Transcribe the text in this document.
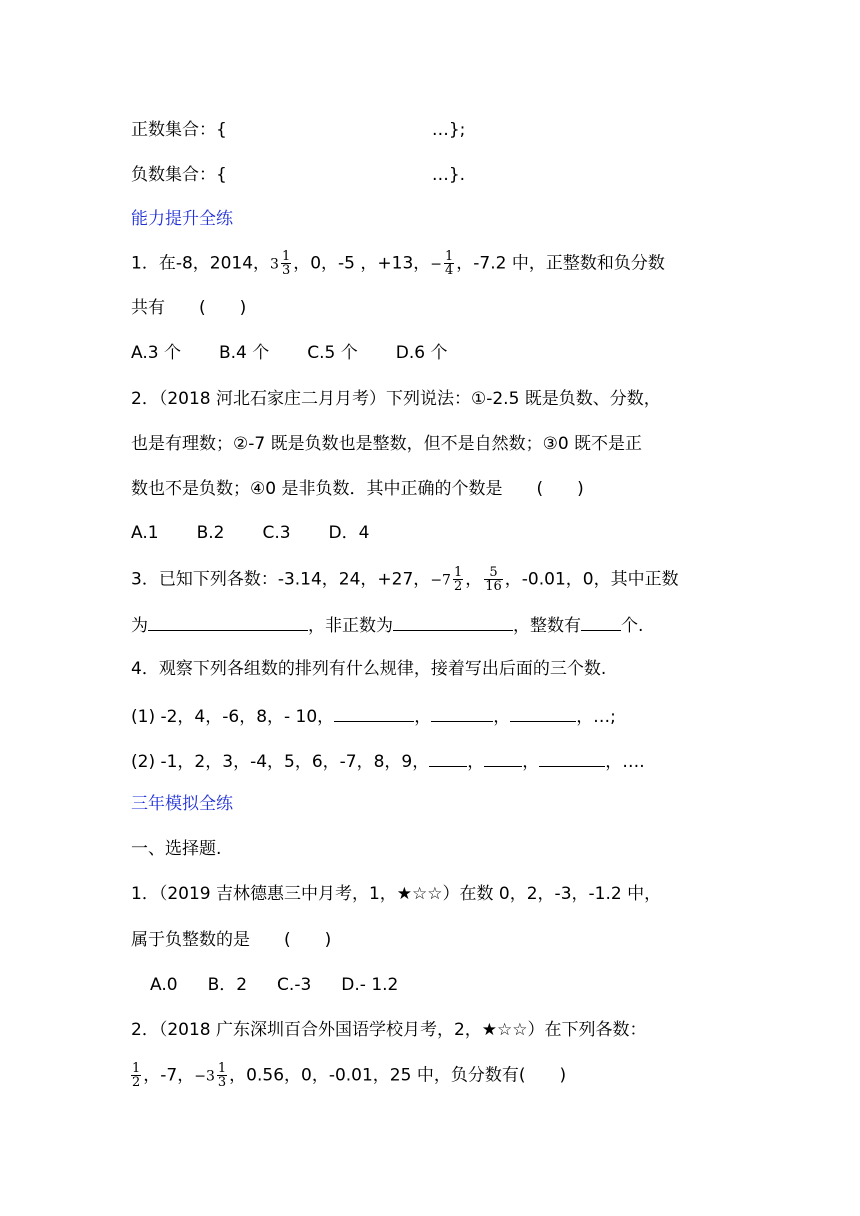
正数集合：{	…};
负数集合：{	…}.
能力提升全练
1．在-8，2014，$3 \frac{1}{3}$ ，0，-5 ，+13，− $\frac{1}{4}$ ，-7.2 中，正整数和负分数
共有　　(　　)
A.3 个 B.4 个 C.5 个 D.6 个
2．（2018 河北石家庄二月月考）下列说法：①-2.5 既是负数、分数，
也是有理数；②-7 既是负数也是整数，但不是自然数；③0 既不是正
数也不是负数；④0 是非负数．其中正确的个数是　　(　　)
A.1 B.2 C.3 D．4
3．已知下列各数：-3.14，24，+27，$-7 \frac{1}{2}$ ， $\frac{5}{16}$ ，-0.01，0，其中正数
为	，非正数为	，整数有 个.
4．观察下列各组数的排列有什么规律，接着写出后面的三个数.
(1) -2，4，-6，8，- 10，	，	，	，…;
(2) -1，2，3，-4，5，6，-7，8，9， ， ，	，….
三年模拟全练
一、选择题.
1．（2019 吉林德惠三中月考，1，★☆☆）在数 0，2，-3，-1.2 中，
属于负整数的是　　(　　)
A.0 B．2 C.-3 D.- 1.2
2．（2018 广东深圳百合外国语学校月考，2，★☆☆）在下列各数：
$\frac{1}{2}$ ，-7，$-3 \frac{1}{3}$ ，0.56，0，-0.01，25 中，负分数有(　　)
